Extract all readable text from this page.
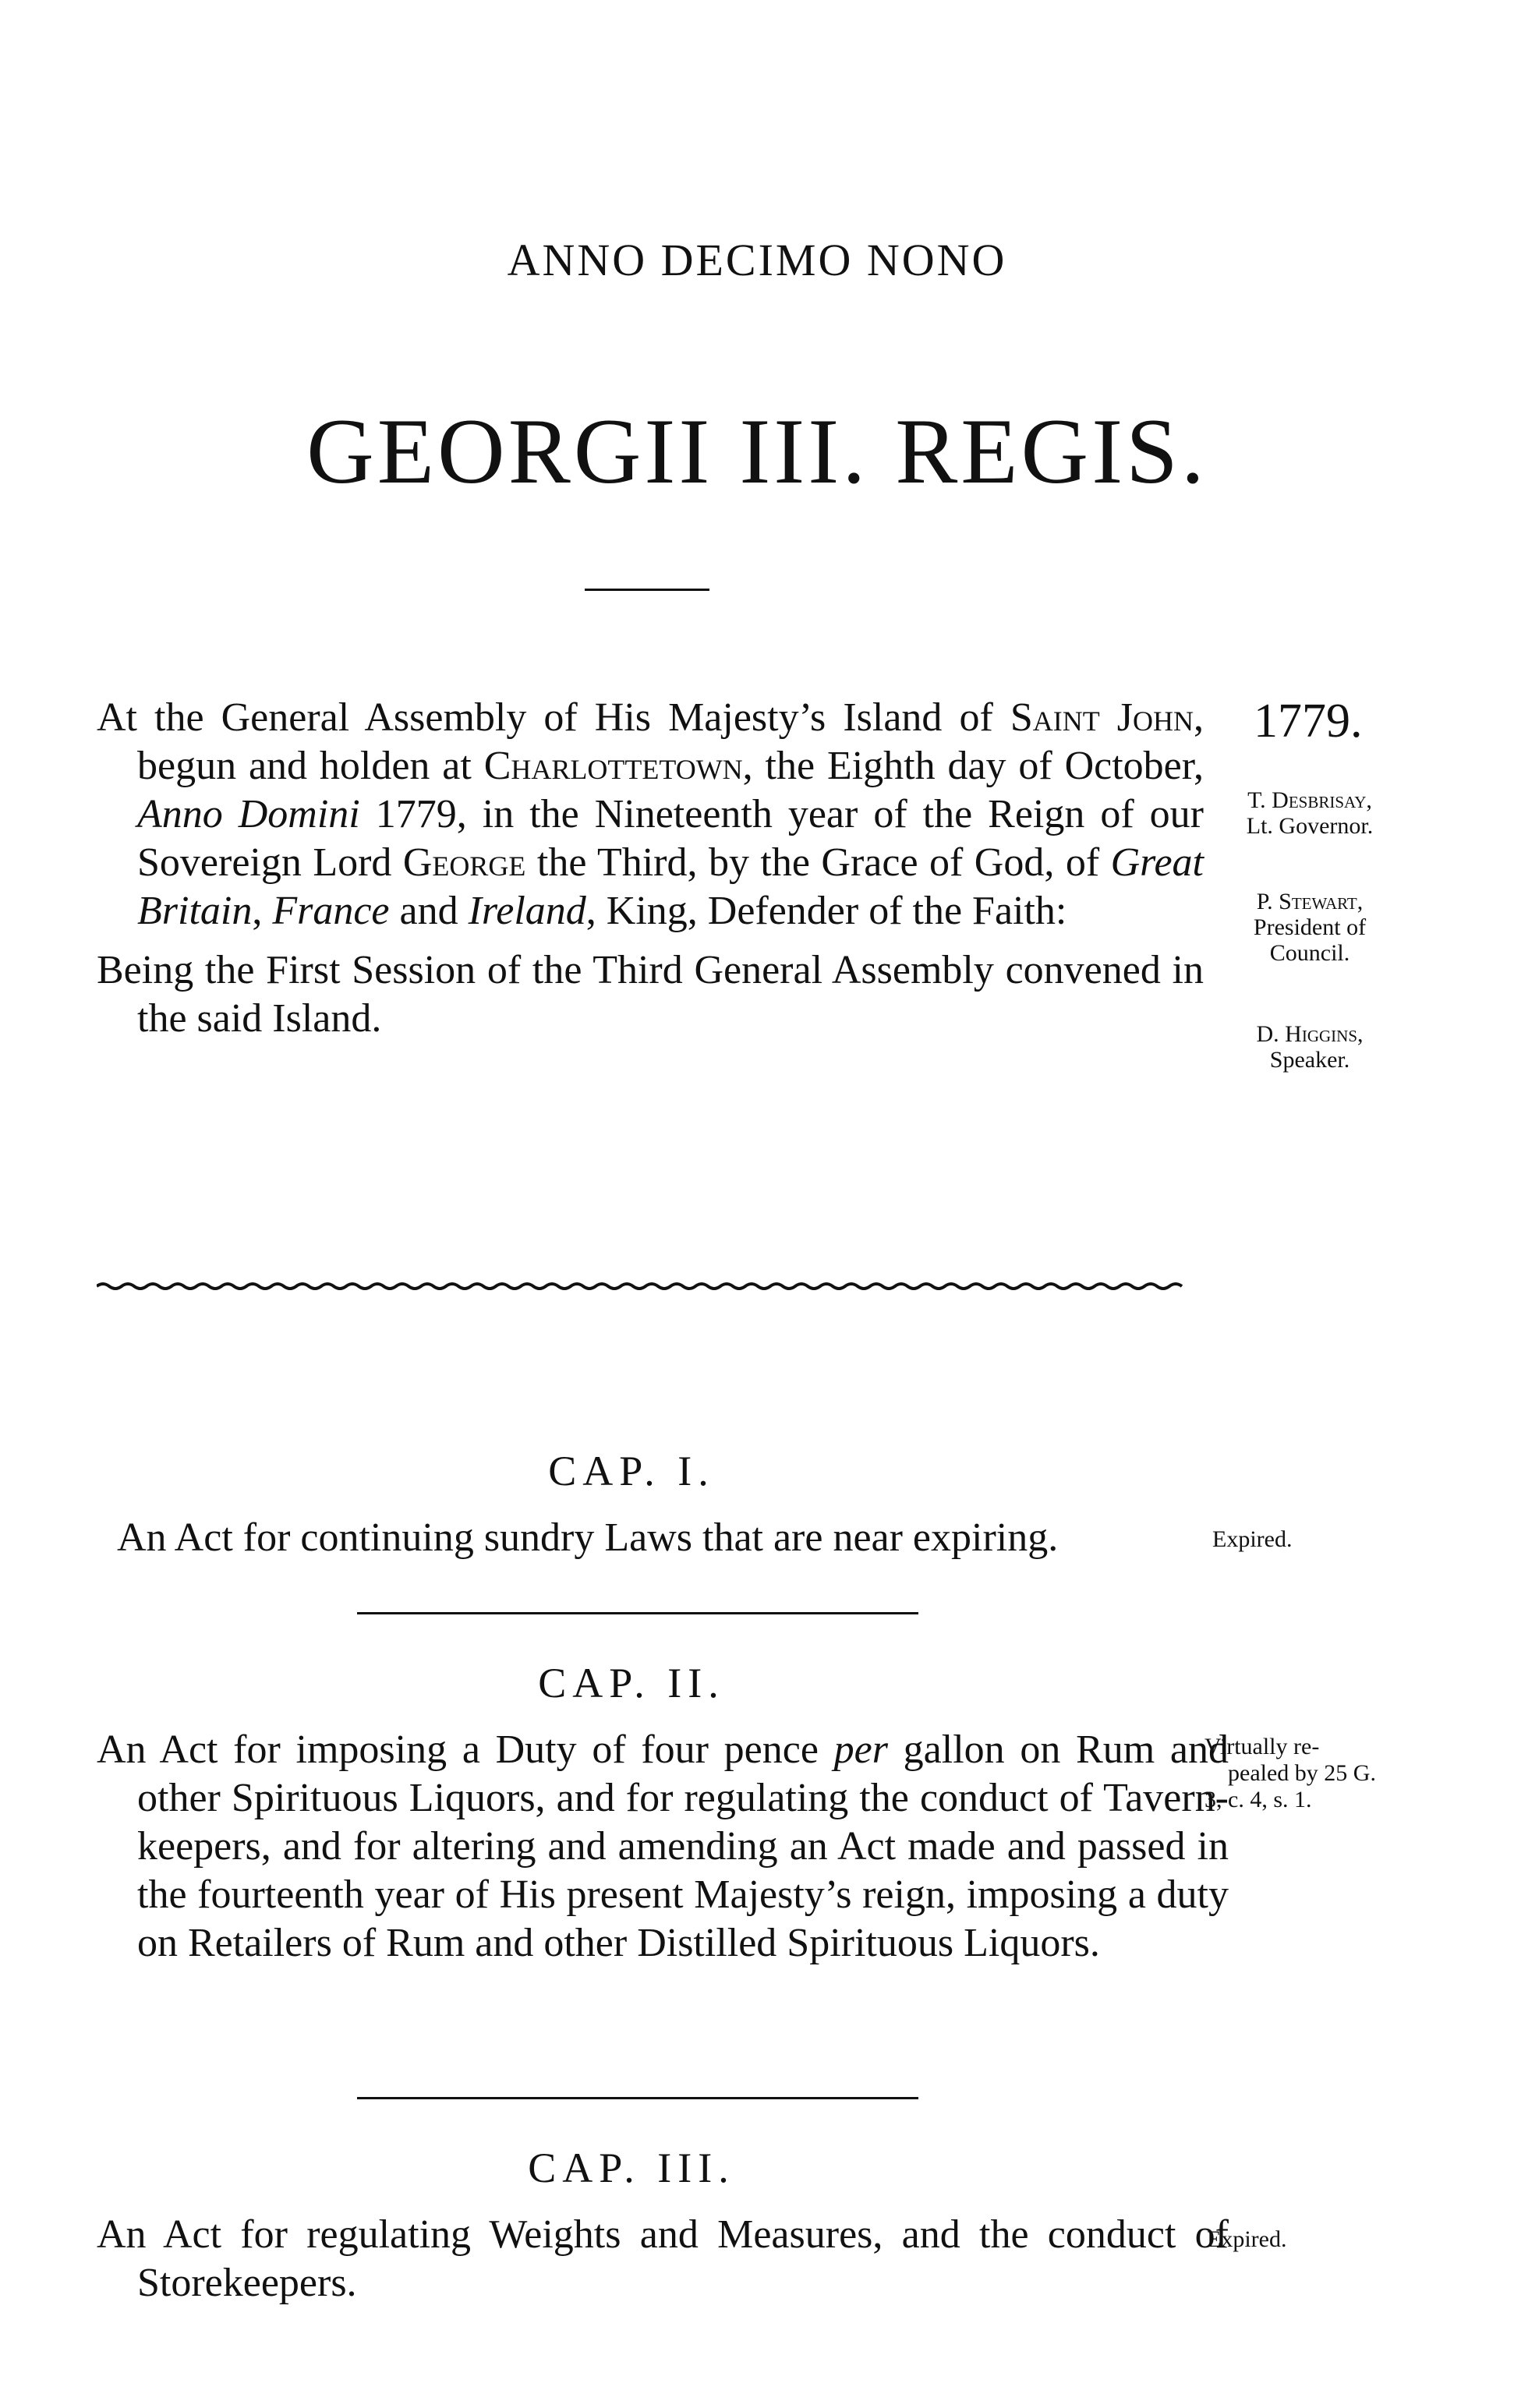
ANNO DECIMO NONO
GEORGII III. REGIS.
At the General Assembly of His Majesty’s Island of Saint John, begun and holden at Charlottetown, the Eighth day of October, Anno Domini 1779, in the Nineteenth year of the Reign of our Sovereign Lord George the Third, by the Grace of God, of Great Britain, France and Ireland, King, Defender of the Faith:
Being the First Session of the Third General Assembly convened in the said Island.
1779.
T. Desbrisay,
Lt. Governor.
P. Stewart,
President of
Council.
D. Higgins,
Speaker.
CAP. I.
An Act for continuing sundry Laws that are near expiring.	Expired.
CAP. II.
An Act for imposing a Duty of four pence per gallon on Rum and other Spirituous Liquors, and for regulating the conduct of Tavern-keepers, and for altering and amending an Act made and passed in the fourteenth year of His present Majesty’s reign, imposing a duty on Retailers of Rum and other Distilled Spirituous Liquors.
Virtually re-
pealed by 25 G.
3, c. 4, s. 1.
CAP. III.
An Act for regulating Weights and Measures, and the conduct of Storekeepers.
Expired.
